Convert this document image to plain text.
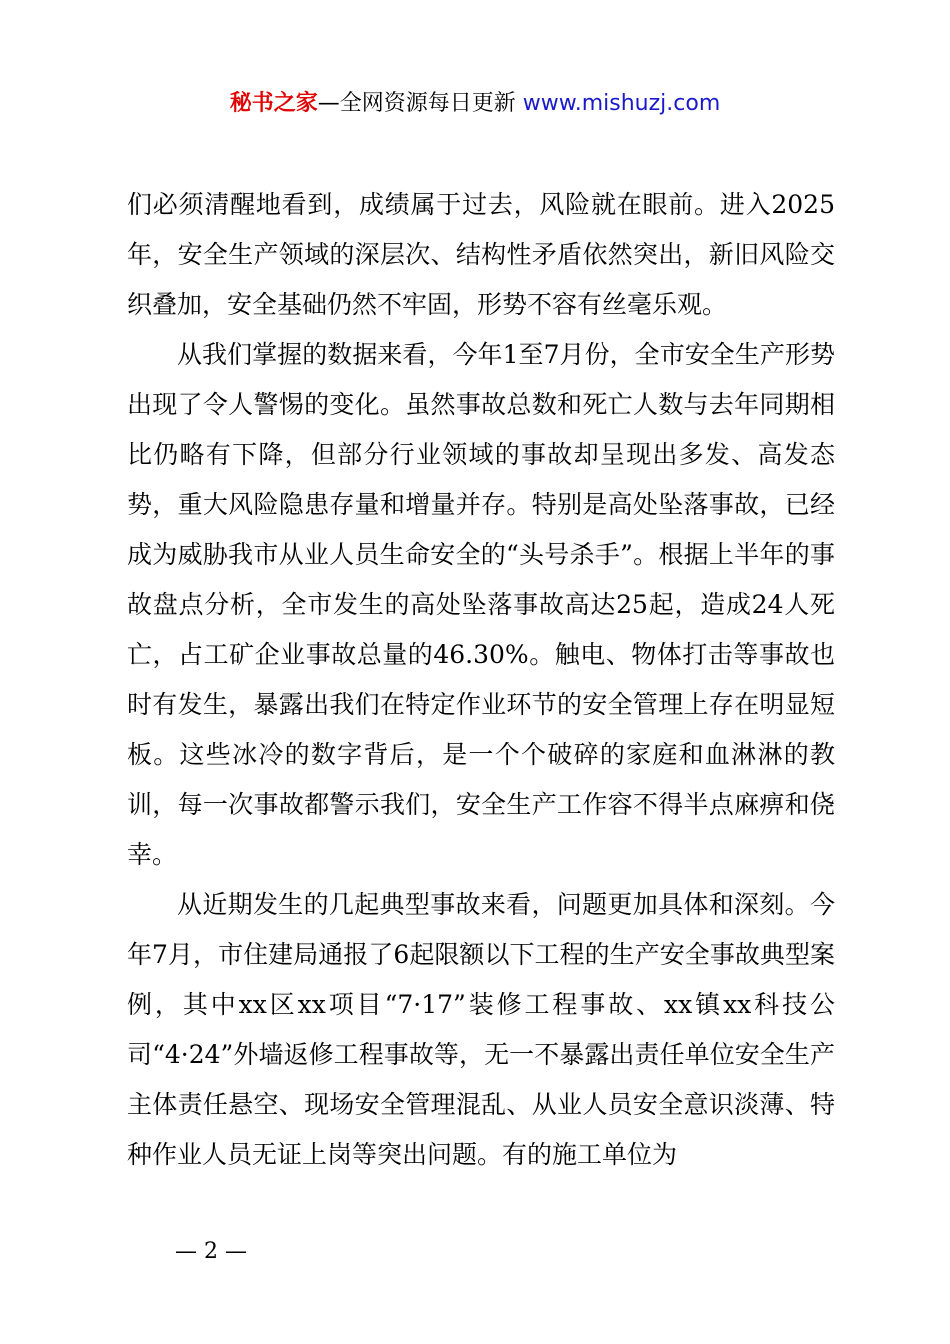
秘书之家—全网资源每日更新 www.mishuzj.com

们必须清醒地看到，成绩属于过去，风险就在眼前。进入2025年，安全生产领域的深层次、结构性矛盾依然突出，新旧风险交织叠加，安全基础仍然不牢固，形势不容有丝毫乐观。

从我们掌握的数据来看，今年1至7月份，全市安全生产形势出现了令人警惕的变化。虽然事故总数和死亡人数与去年同期相比仍略有下降，但部分行业领域的事故却呈现出多发、高发态势，重大风险隐患存量和增量并存。特别是高处坠落事故，已经成为威胁我市从业人员生命安全的“头号杀手”。根据上半年的事故盘点分析，全市发生的高处坠落事故高达25起，造成24人死亡，占工矿企业事故总量的46.30%。触电、物体打击等事故也时有发生，暴露出我们在特定作业环节的安全管理上存在明显短板。这些冰冷的数字背后，是一个个破碎的家庭和血淋淋的教训，每一次事故都警示我们，安全生产工作容不得半点麻痹和侥幸。

从近期发生的几起典型事故来看，问题更加具体和深刻。今年7月，市住建局通报了6起限额以下工程的生产安全事故典型案例，其中xx区xx项目“7·17”装修工程事故、xx镇xx科技公司“4·24”外墙返修工程事故等，无一不暴露出责任单位安全生产主体责任悬空、现场安全管理混乱、从业人员安全意识淡薄、特种作业人员无证上岗等突出问题。有的施工单位为

— 2 —
